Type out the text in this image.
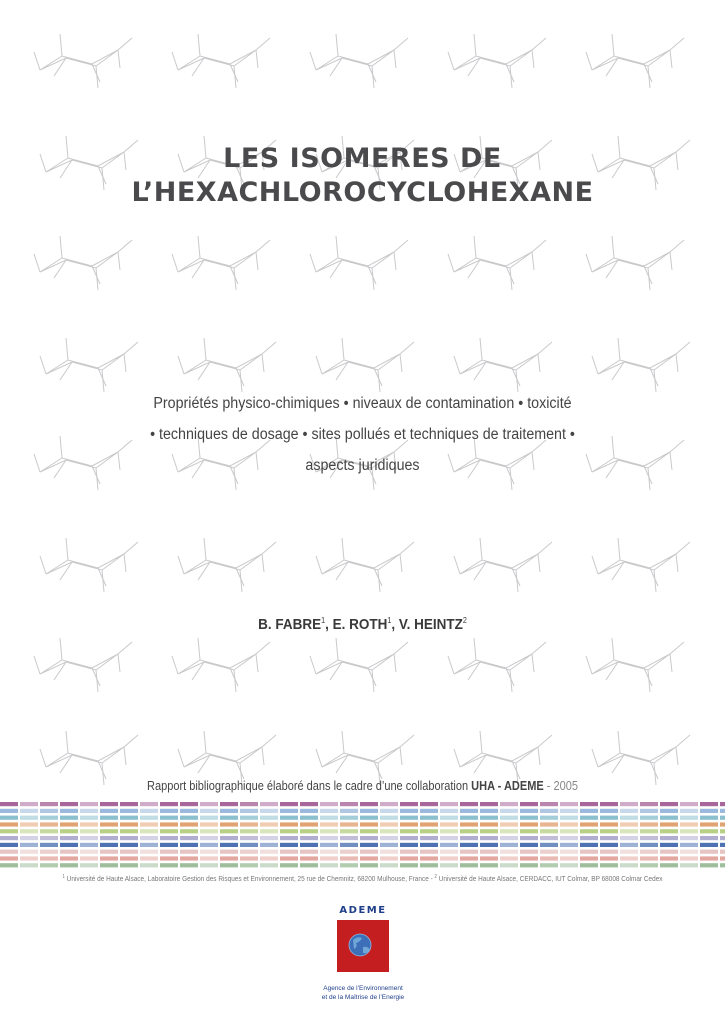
LES ISOMERES DE
L’HEXACHLOROCYCLOHEXANE
Propriétés physico-chimiques • niveaux de contamination • toxicité
• techniques de dosage • sites pollués et techniques de traitement •
aspects juridiques
B. FABRE$^1$, E. ROTH$^1$, V. HEINTZ$^2$
Rapport bibliographique élaboré dans le cadre d’une collaboration UHA - ADEME - 2005
$^1$ Université de Haute Alsace, Laboratoire Gestion des Risques et Environnement, 25 rue de Chemnitz, 68200 Mulhouse, France - $^2$ Université de Haute Alsace, CERDACC, IUT Colmar, BP 68008 Colmar Cedex
ADEME
Agence de l’Environnement
et de la Maîtrise de l’Energie
